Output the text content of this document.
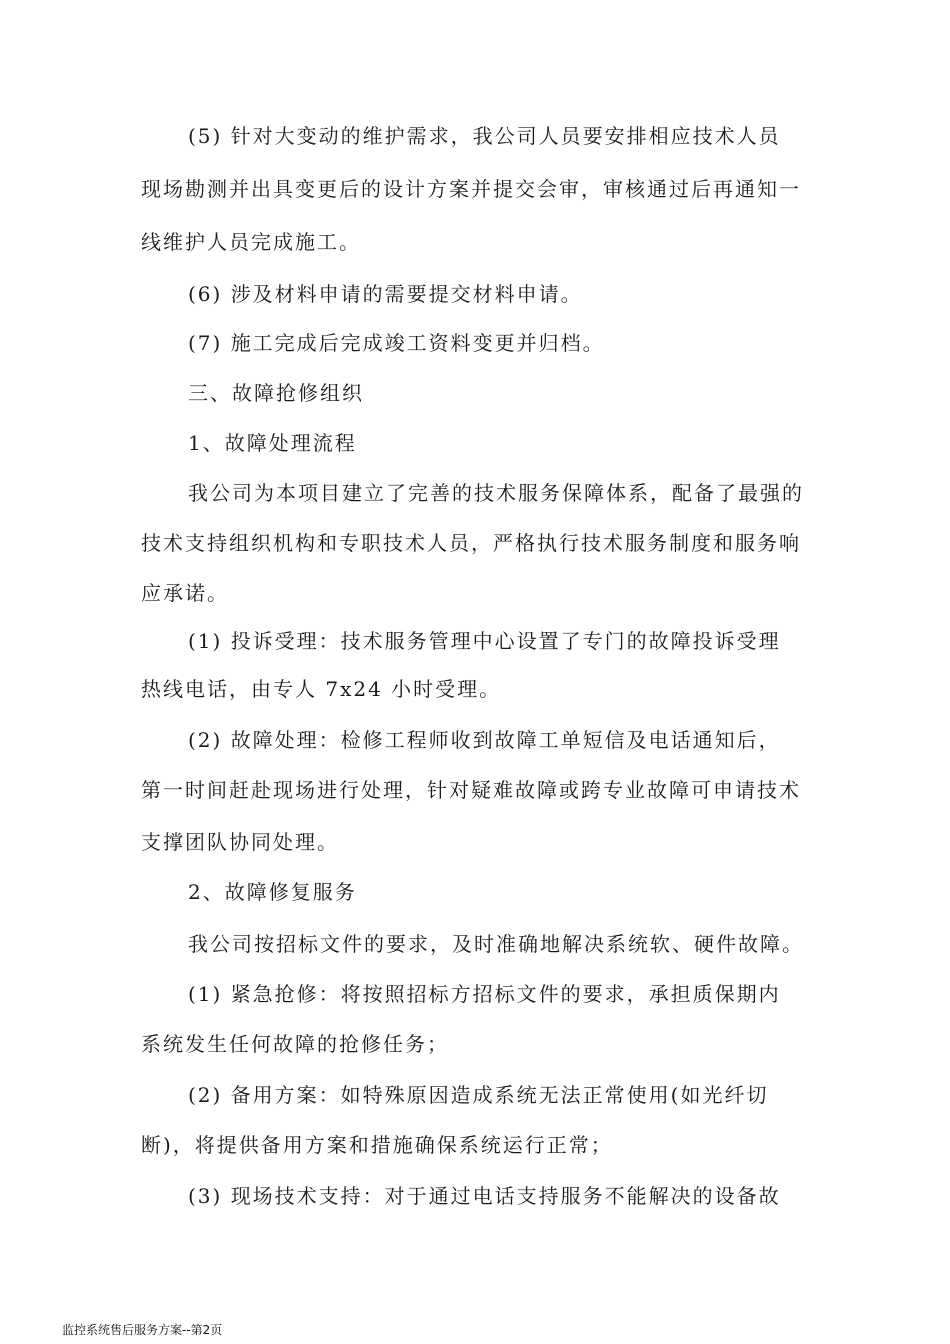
(5) 针对大变动的维护需求，我公司人员要安排相应技术人员
现场勘测并出具变更后的设计方案并提交会审，审核通过后再通知一
线维护人员完成施工。
(6) 涉及材料申请的需要提交材料申请。
(7) 施工完成后完成竣工资料变更并归档。
三、故障抢修组织
1、故障处理流程
我公司为本项目建立了完善的技术服务保障体系，配备了最强的
技术支持组织机构和专职技术人员，严格执行技术服务制度和服务响
应承诺。
(1) 投诉受理：技术服务管理中心设置了专门的故障投诉受理
热线电话，由专人 7x24 小时受理。
(2) 故障处理：检修工程师收到故障工单短信及电话通知后，
第一时间赶赴现场进行处理，针对疑难故障或跨专业故障可申请技术
支撑团队协同处理。
2、故障修复服务
我公司按招标文件的要求，及时准确地解决系统软、硬件故障。
(1) 紧急抢修：将按照招标方招标文件的要求，承担质保期内
系统发生任何故障的抢修任务；
(2) 备用方案：如特殊原因造成系统无法正常使用(如光纤切
断)，将提供备用方案和措施确保系统运行正常；
(3) 现场技术支持：对于通过电话支持服务不能解决的设备故
监控系统售后服务方案--第2页
